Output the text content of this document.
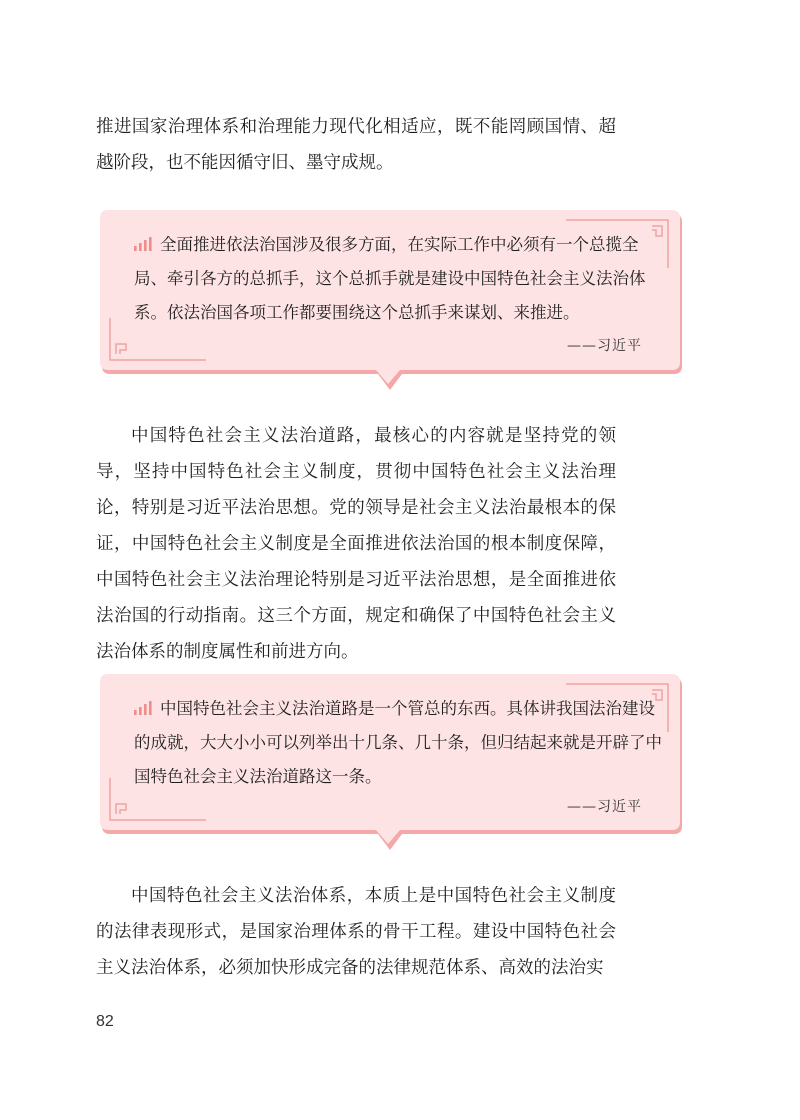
推进国家治理体系和治理能力现代化相适应，既不能罔顾国情、超越阶段，也不能因循守旧、墨守成规。

全面推进依法治国涉及很多方面，在实际工作中必须有一个总揽全局、牵引各方的总抓手，这个总抓手就是建设中国特色社会主义法治体系。依法治国各项工作都要围绕这个总抓手来谋划、来推进。

——习近平

中国特色社会主义法治道路，最核心的内容就是坚持党的领导，坚持中国特色社会主义制度，贯彻中国特色社会主义法治理论，特别是习近平法治思想。党的领导是社会主义法治最根本的保证，中国特色社会主义制度是全面推进依法治国的根本制度保障，中国特色社会主义法治理论特别是习近平法治思想，是全面推进依法治国的行动指南。这三个方面，规定和确保了中国特色社会主义法治体系的制度属性和前进方向。

中国特色社会主义法治道路是一个管总的东西。具体讲我国法治建设的成就，大大小小可以列举出十几条、几十条，但归结起来就是开辟了中国特色社会主义法治道路这一条。

——习近平

中国特色社会主义法治体系，本质上是中国特色社会主义制度的法律表现形式，是国家治理体系的骨干工程。建设中国特色社会主义法治体系，必须加快形成完备的法律规范体系、高效的法治实

82
